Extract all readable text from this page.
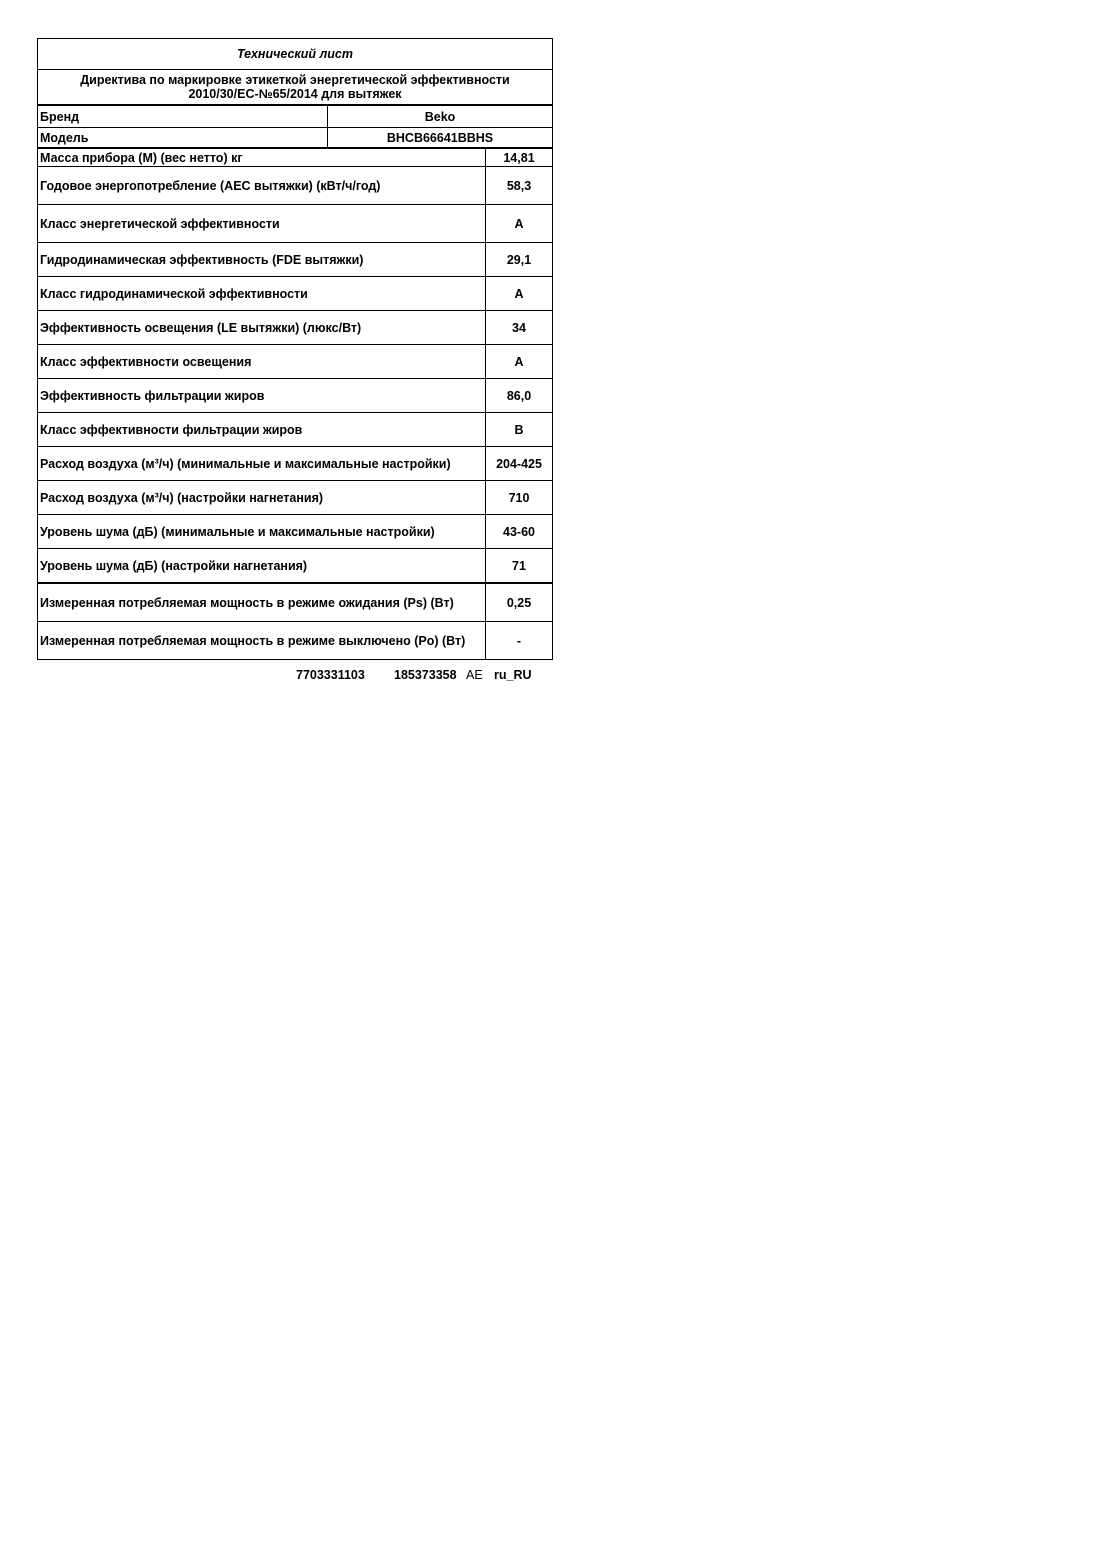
Технический лист		
Директива по маркировке этикеткой энергетической эффективности
2010/30/EC-№65/2014 для вытяжек		
Бренд	Beko	
Модель	BHCB66641BBHS	
Масса прибора (M) (вес нетто) кг		14,81
Годовое энергопотребление (AEC вытяжки) (кВт/ч/год)		58,3
Класс энергетической эффективности		A
Гидродинамическая эффективность (FDE вытяжки)		29,1
Класс гидродинамической эффективности		A
Эффективность освещения (LE вытяжки) (люкс/Вт)		34
Класс эффективности освещения		A
Эффективность фильтрации жиров		86,0
Класс эффективности фильтрации жиров		B
Расход воздуха (м³/ч) (минимальные и максимальные настройки)		204-425
Расход воздуха (м³/ч) (настройки нагнетания)		710
Уровень шума (дБ) (минимальные и максимальные настройки)		43-60
Уровень шума (дБ) (настройки нагнетания)		71
Измеренная потребляемая мощность в режиме ожидания (Ps) (Вт)		0,25
Измеренная потребляемая мощность в режиме выключено (Po) (Вт)		-
7703331103 185373358 AE ru_RU
